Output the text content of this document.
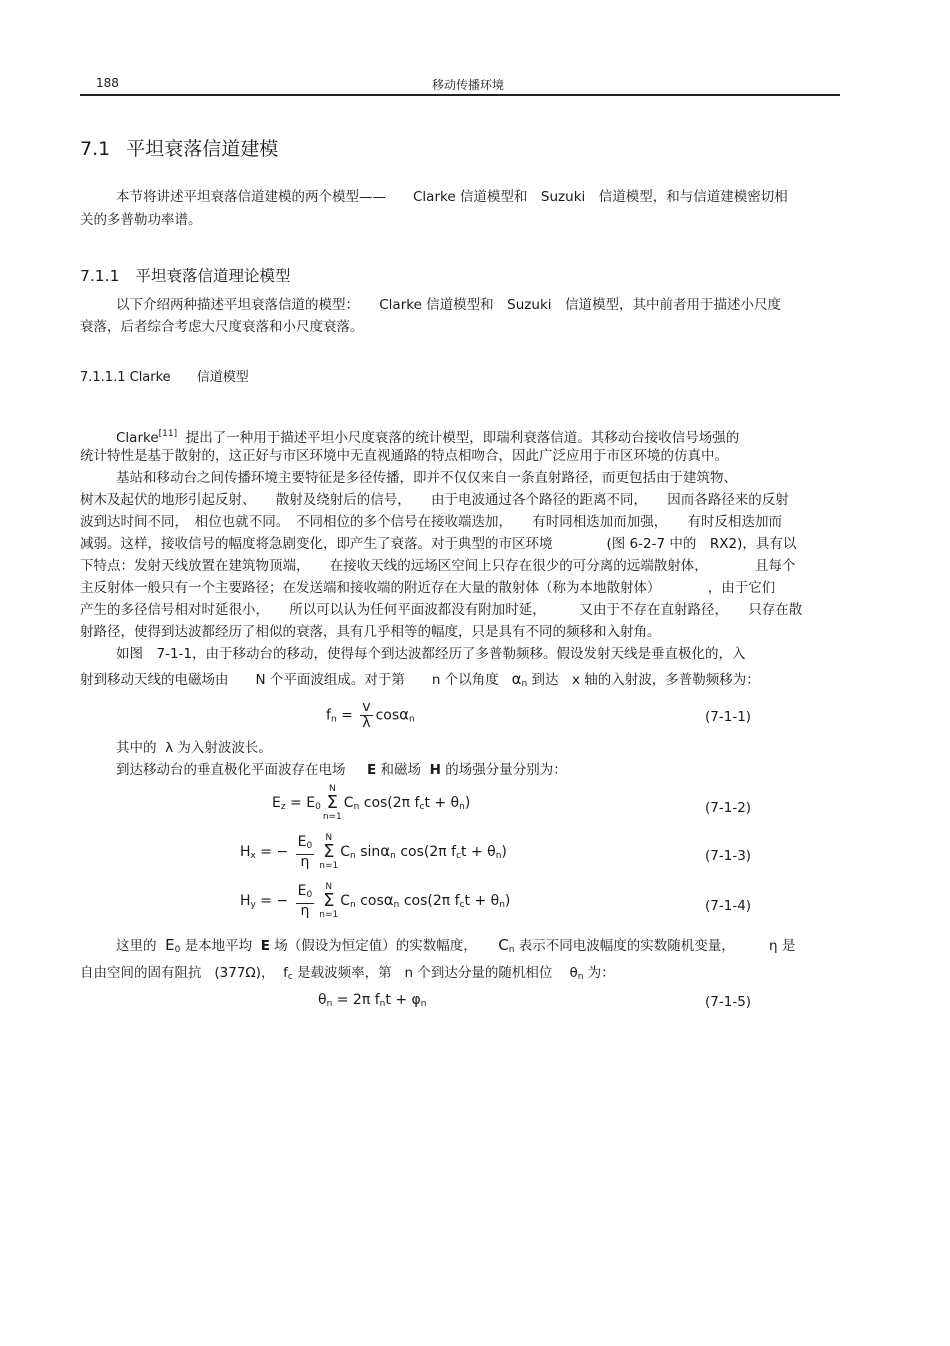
188	移动传播环境
7.1 平坦衰落信道建模
本节将讲述平坦衰落信道建模的两个模型——　　Clarke 信道模型和　Suzuki　信道模型，和与信道建模密切相
关的多普勒功率谱。
7.1.1 平坦衰落信道理论模型
以下介绍两种描述平坦衰落信道的模型：　　Clarke 信道模型和　Suzuki　信道模型，其中前者用于描述小尺度
衰落，后者综合考虑大尺度衰落和小尺度衰落。
7.1.1.1 Clarke 信道模型
Clarke[11] 提出了一种用于描述平坦小尺度衰落的统计模型，即瑞利衰落信道。其移动台接收信号场强的
统计特性是基于散射的，这正好与市区环境中无直视通路的特点相吻合，因此广泛应用于市区环境的仿真中。
基站和移动台之间传播环境主要特征是多径传播，即并不仅仅来自一条直射路径，而更包括由于建筑物、
树木及起伏的地形引起反射、　　散射及绕射后的信号，　　由于电波通过各个路径的距离不同，　　因而各路径来的反射
波到达时间不同，　相位也就不同。　不同相位的多个信号在接收端迭加，　　有时同相迭加而加强，　　有时反相迭加而
减弱。这样，接收信号的幅度将急剧变化，即产生了衰落。对于典型的市区环境　　　　(图 6-2-7 中的　RX2)，具有以
下特点：发射天线放置在建筑物顶端，　　在接收天线的远场区空间上只存在很少的可分离的远端散射体，　　　　且每个
主反射体一般只有一个主要路径；在发送端和接收端的附近存在大量的散射体（称为本地散射体）　　　　，由于它们
产生的多径信号相对时延很小，　　所以可以认为任何平面波都没有附加时延，　　　又由于不存在直射路径，　　只存在散
射路径，使得到达波都经历了相似的衰落，具有几乎相等的幅度，只是具有不同的频移和入射角。
如图　7-1-1，由于移动台的移动，使得每个到达波都经历了多普勒频移。假设发射天线是垂直极化的，入
射到移动天线的电磁场由　　N 个平面波组成。对于第　　n 个以角度 $\alpha_n$ 到达　x 轴的入射波，多普勒频移为：
$f_n = \frac{v}{\lambda} \cos\alpha_n$	(7-1-1)
其中的 λ 为入射波波长。
到达移动台的垂直极化平面波存在电场 E 和磁场 H 的场强分量分别为：
$E_z = E_0$
N
Σ
n=1
$C_n$ cos(2π $f_ct + \theta_n$)	(7-1-2)
$H_x$ = − $\frac{E_0}{\eta}$	N
Σ
n=1
$C_n$ sinα$_n$ cos(2π $f_ct + \theta_n$)	(7-1-3)
$H_y$ = − $\frac{E_0}{\eta}$	N
Σ
n=1
$C_n$ cosα$_n$ cos(2π $f_ct + \theta_n$)	(7-1-4)
这里的 $E_0$ 是本地平均 E 场（假设为恒定值）的实数幅度， $C_n$ 表示不同电波幅度的实数随机变量，	η 是
自由空间的固有阻抗 (377Ω)，  $f_c$ 是载波频率，第   n 个到达分量的随机相位    $\theta_n$ 为：
$\theta_n = 2\pi$ $f_nt + \varphi_n$	(7-1-5)
